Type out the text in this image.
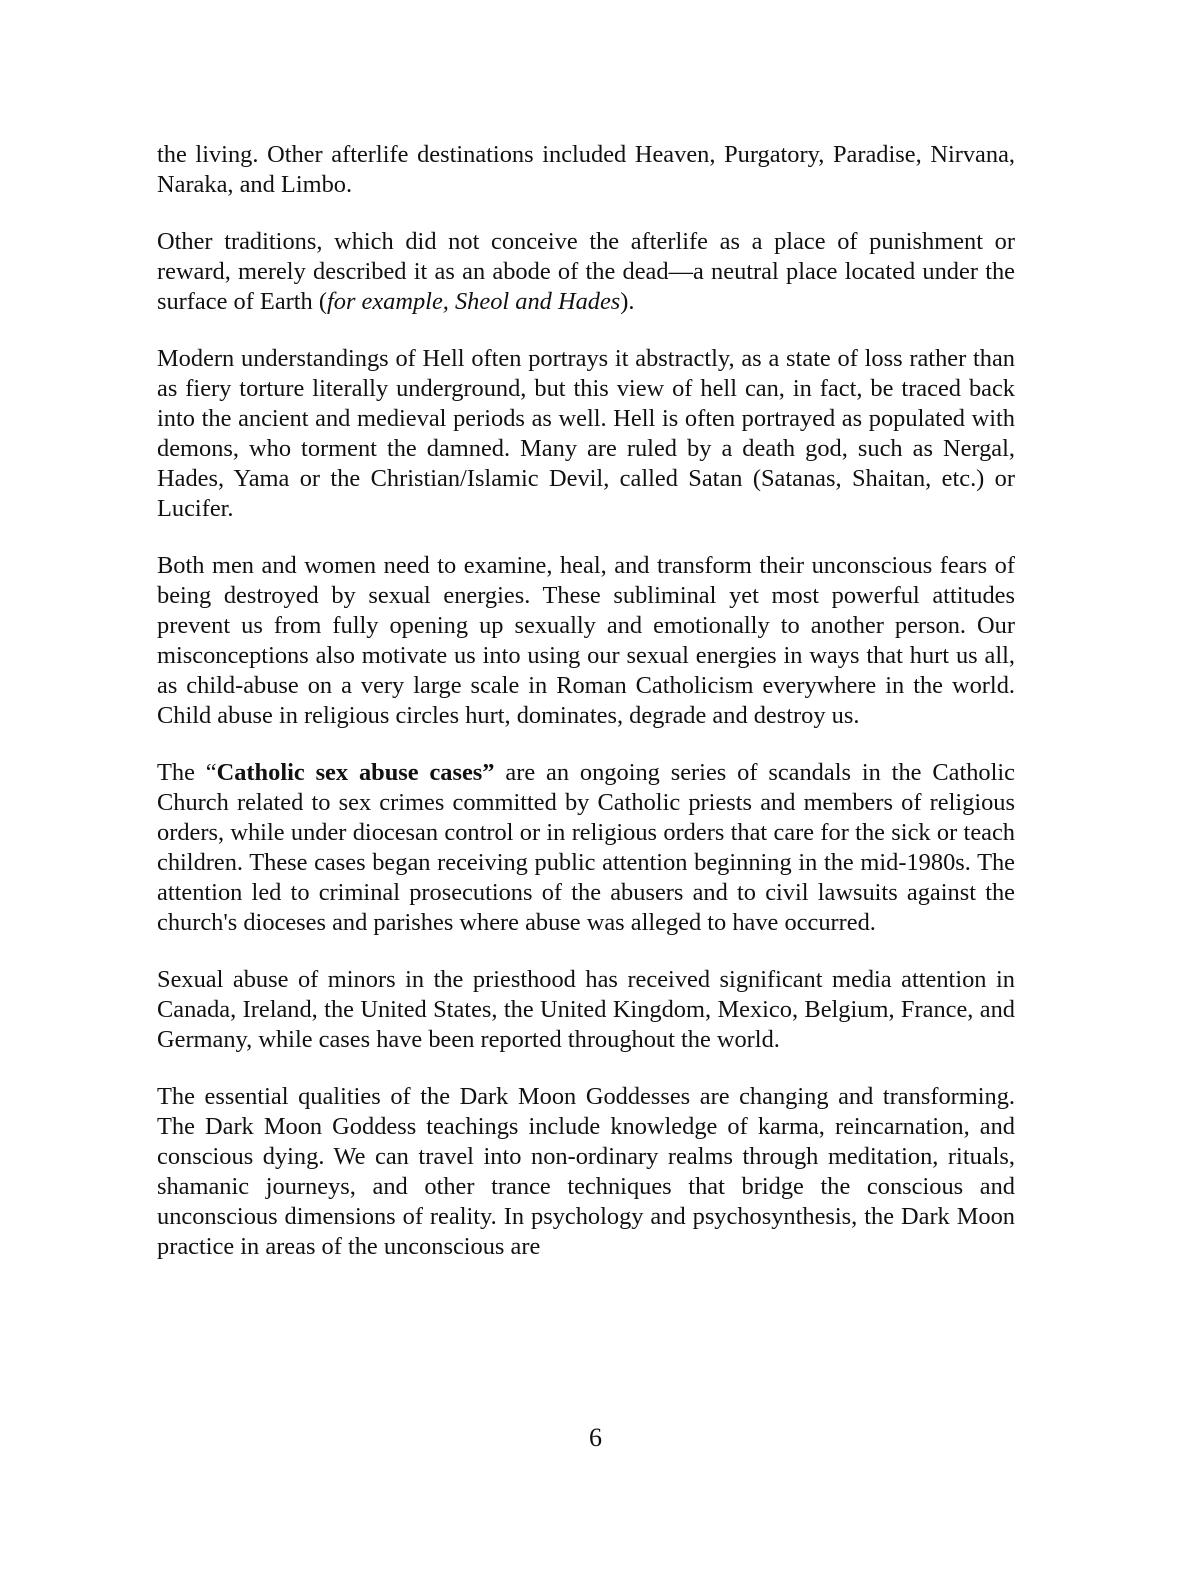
the living. Other afterlife destinations included Heaven, Purgatory, Paradise, Nirvana, Naraka, and Limbo.

Other traditions, which did not conceive the afterlife as a place of punishment or reward, merely described it as an abode of the dead—a neutral place located under the surface of Earth (for example, Sheol and Hades).

Modern understandings of Hell often portrays it abstractly, as a state of loss rather than as fiery torture literally underground, but this view of hell can, in fact, be traced back into the ancient and medieval periods as well. Hell is often portrayed as populated with demons, who torment the damned. Many are ruled by a death god, such as Nergal, Hades, Yama or the Christian/Islamic Devil, called Satan (Satanas, Shaitan, etc.) or Lucifer.

Both men and women need to examine, heal, and transform their unconscious fears of being destroyed by sexual energies. These subliminal yet most powerful attitudes prevent us from fully opening up sexually and emotionally to another person. Our misconceptions also motivate us into using our sexual energies in ways that hurt us all, as child-abuse on a very large scale in Roman Catholicism everywhere in the world. Child abuse in religious circles hurt, dominates, degrade and destroy us.

The “Catholic sex abuse cases” are an ongoing series of scandals in the Catholic Church related to sex crimes committed by Catholic priests and members of religious orders, while under diocesan control or in religious orders that care for the sick or teach children. These cases began receiving public attention beginning in the mid-1980s. The attention led to criminal prosecutions of the abusers and to civil lawsuits against the church's dioceses and parishes where abuse was alleged to have occurred.

Sexual abuse of minors in the priesthood has received significant media attention in Canada, Ireland, the United States, the United Kingdom, Mexico, Belgium, France, and Germany, while cases have been reported throughout the world.

The essential qualities of the Dark Moon Goddesses are changing and transforming. The Dark Moon Goddess teachings include knowledge of karma, reincarnation, and conscious dying. We can travel into non-ordinary realms through meditation, rituals, shamanic journeys, and other trance techniques that bridge the conscious and unconscious dimensions of reality. In psychology and psychosynthesis, the Dark Moon practice in areas of the unconscious are

6
